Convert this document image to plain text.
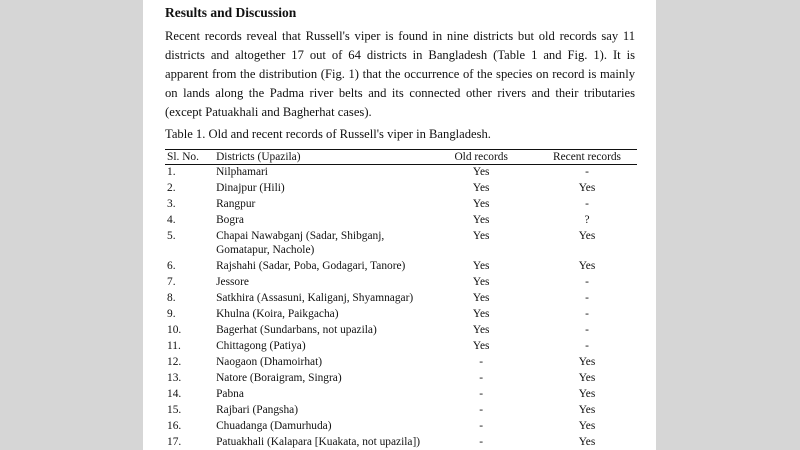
Results and Discussion

Recent records reveal that Russell's viper is found in nine districts but old records say 11 districts and altogether 17 out of 64 districts in Bangladesh (Table 1 and Fig. 1). It is apparent from the distribution (Fig. 1) that the occurrence of the species on record is mainly on lands along the Padma river belts and its connected other rivers and their tributaries (except Patuakhali and Bagherhat cases).

Table 1. Old and recent records of Russell's viper in Bangladesh.

Sl. No.	Districts (Upazila)	Old records	Recent records
1.	Nilphamari	Yes	-
2.	Dinajpur (Hili)	Yes	Yes
3.	Rangpur	Yes	-
4.	Bogra	Yes	?
5.	Chapai Nawabganj (Sadar, Shibganj, Gomatapur, Nachole)	Yes	Yes
6.	Rajshahi (Sadar, Poba, Godagari, Tanore)	Yes	Yes
7.	Jessore	Yes	-
8.	Satkhira (Assasuni, Kaliganj, Shyamnagar)	Yes	-
9.	Khulna (Koira, Paikgacha)	Yes	-
10.	Bagerhat (Sundarbans, not upazila)	Yes	-
11.	Chittagong (Patiya)	Yes	-
12.	Naogaon (Dhamoirhat)	-	Yes
13.	Natore (Boraigram, Singra)	-	Yes
14.	Pabna	-	Yes
15.	Rajbari (Pangsha)	-	Yes
16.	Chuadanga (Damurhuda)	-	Yes
17.	Patuakhali (Kalapara [Kuakata, not upazila])	-	Yes
